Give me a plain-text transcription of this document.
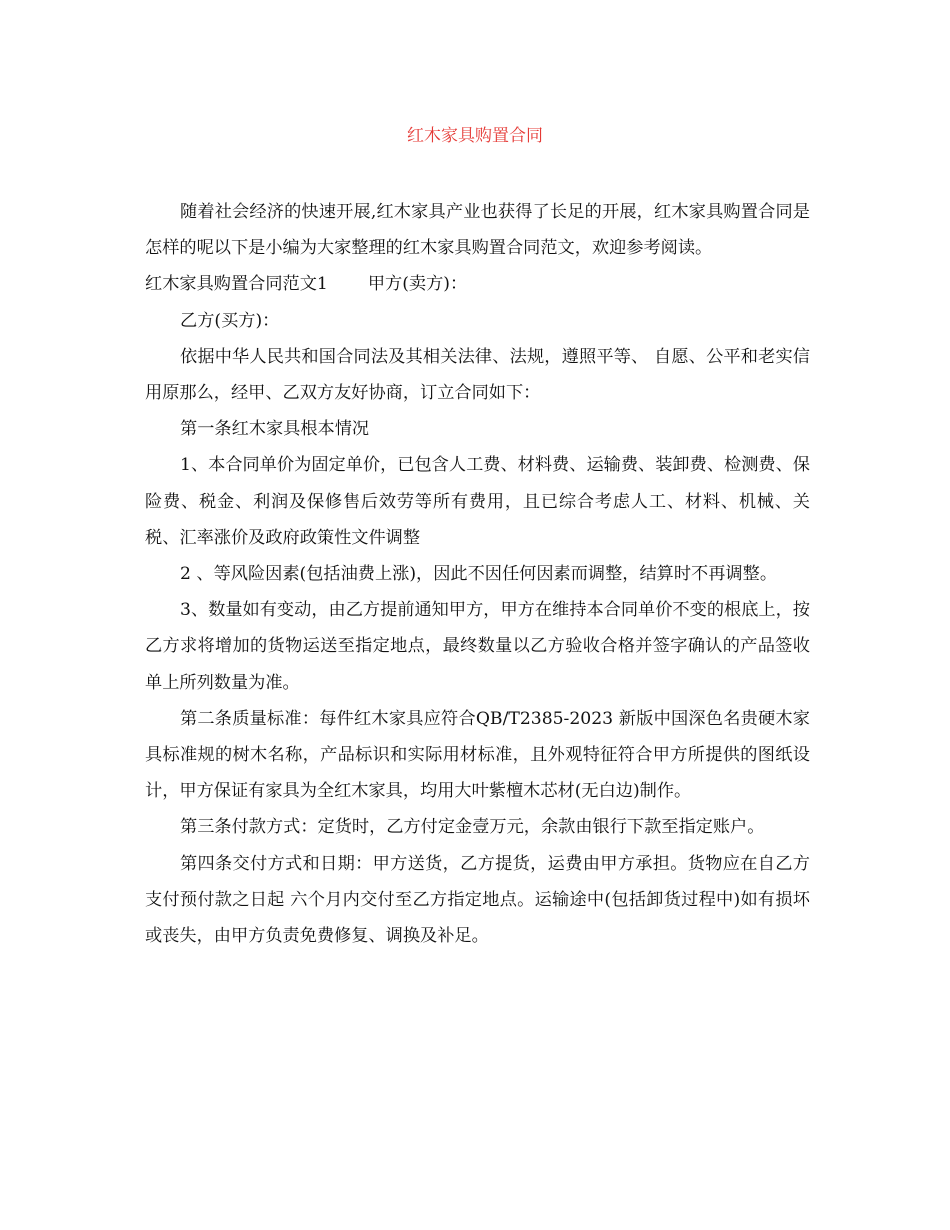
红木家具购置合同

随着社会经济的快速开展,红木家具产业也获得了长足的开展，红木家具购置合同是怎样的呢以下是小编为大家整理的红木家具购置合同范文，欢迎参考阅读。

红木家具购置合同范文1 甲方(卖方)：

乙方(买方)：

依据中华人民共和国合同法及其相关法律、法规，遵照平等、 自愿、公平和老实信用原那么，经甲、乙双方友好协商，订立合同如下：

第一条红木家具根本情况

1、本合同单价为固定单价，已包含人工费、材料费、运输费、装卸费、检测费、保险费、税金、利润及保修售后效劳等所有费用，且已综合考虑人工、材料、机械、关税、汇率涨价及政府政策性文件调整

2 、等风险因素(包括油费上涨)，因此不因任何因素而调整，结算时不再调整。

3、数量如有变动，由乙方提前通知甲方，甲方在维持本合同单价不变的根底上，按乙方求将增加的货物运送至指定地点，最终数量以乙方验收合格并签字确认的产品签收单上所列数量为准。

第二条质量标准：每件红木家具应符合QB/T2385-2023 新版中国深色名贵硬木家具标准规的树木名称，产品标识和实际用材标准，且外观特征符合甲方所提供的图纸设计，甲方保证有家具为全红木家具，均用大叶紫檀木芯材(无白边)制作。

第三条付款方式：定货时，乙方付定金壹万元，余款由银行下款至指定账户。

第四条交付方式和日期：甲方送货，乙方提货，运费由甲方承担。货物应在自乙方支付预付款之日起 六个月内交付至乙方指定地点。运输途中(包括卸货过程中)如有损坏或丧失，由甲方负责免费修复、调换及补足。
